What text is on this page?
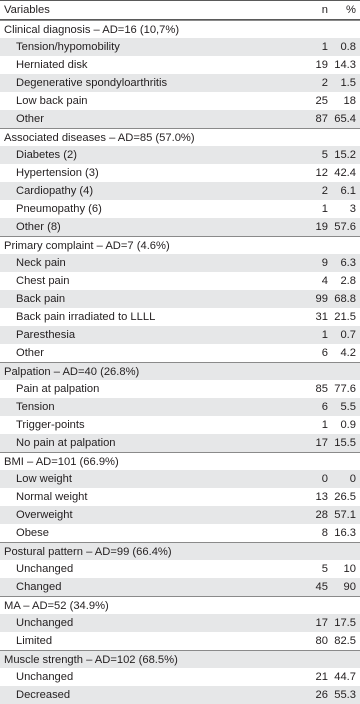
Variables	n	%
Clinical diagnosis – AD=16 (10,7%)
Tension/hypomobility	1	0.8
Herniated disk	19 14.3
Degenerative spondyloarthritis	2	1.5
Low back pain	25	18
Other	87 65.4
Associated diseases – AD=85 (57.0%)
Diabetes (2)	5 15.2
Hypertension (3)	12 42.4
Cardiopathy (4)	2	6.1
Pneumopathy (6)	1	3
Other (8)	19 57.6
Primary complaint – AD=7 (4.6%)
Neck pain	9	6.3
Chest pain	4	2.8
Back pain	99 68.8
Back pain irradiated to LLLL	31 21.5
Paresthesia	1	0.7
Other	6	4.2
Palpation – AD=40 (26.8%)
Pain at palpation	85 77.6
Tension	6	5.5
Trigger-points	1	0.9
No pain at palpation	17 15.5
BMI – AD=101 (66.9%)
Low weight	0	0
Normal weight	13 26.5
Overweight	28 57.1
Obese	8 16.3
Postural pattern – AD=99 (66.4%)
Unchanged	5	10
Changed	45	90
MA – AD=52 (34.9%)
Unchanged	17 17.5
Limited	80 82.5
Muscle strength – AD=102 (68.5%)
Unchanged	21 44.7
Decreased	26 55.3
